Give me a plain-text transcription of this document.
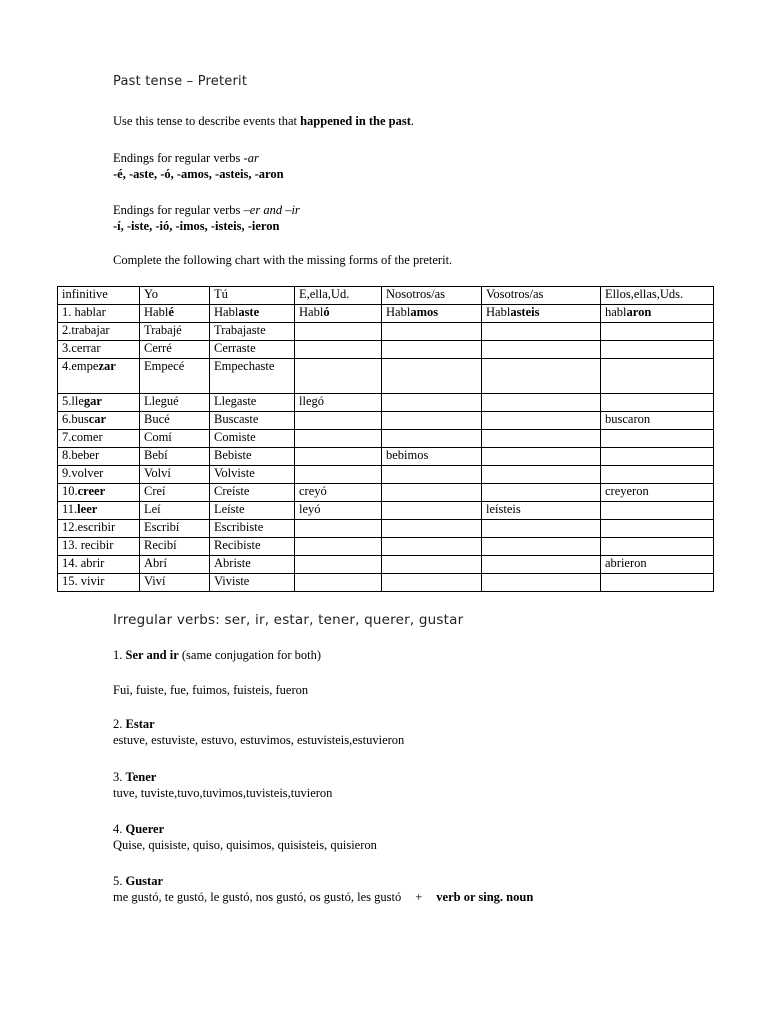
Past tense – Preterit
Use this tense to describe events that happened in the past.
Endings for regular verbs -ar
-é, -aste, -ó, -amos, -asteis, -aron
Endings for regular verbs –er and –ir
-í, -iste, -ió, -imos, -isteis, -ieron
Complete the following chart with the missing forms of the preterit.
infinitive	Yo	Tú	E,ella,Ud.	Nosotros/as	Vosotros/as	Ellos,ellas,Uds.
1. hablar	Hablé	Hablaste	Habló	Hablamos	Hablasteis	hablaron
2.trabajar	Trabajé	Trabajaste				
3.cerrar	Cerré	Cerraste				
4.empezar	Empecé	Empechaste				
5.llegar	Llegué	Llegaste	llegó			
6.buscar	Bucé	Buscaste				buscaron
7.comer	Comí	Comiste				
8.beber	Bebí	Bebiste		bebimos		
9.volver	Volví	Volviste				
10.creer	Creí	Creíste	creyó			creyeron
11.leer	Leí	Leíste	leyó		leísteis	
12.escribir	Escribí	Escribiste				
13. recibir	Recibí	Recibiste				
14. abrir	Abrí	Abriste				abrieron
15. vivir	Viví	Viviste				
Irregular verbs: ser, ir, estar, tener, querer, gustar
1. Ser and ir (same conjugation for both)
Fui, fuiste, fue, fuimos, fuisteis, fueron
2. Estar
estuve, estuviste, estuvo, estuvimos, estuvisteis,estuvieron
3. Tener
tuve, tuviste,tuvo,tuvimos,tuvisteis,tuvieron
4. Querer
Quise, quisiste, quiso, quisimos, quisisteis, quisieron
5. Gustar
me gustó, te gustó, le gustó, nos gustó, os gustó, les gustó + verb or sing. noun
